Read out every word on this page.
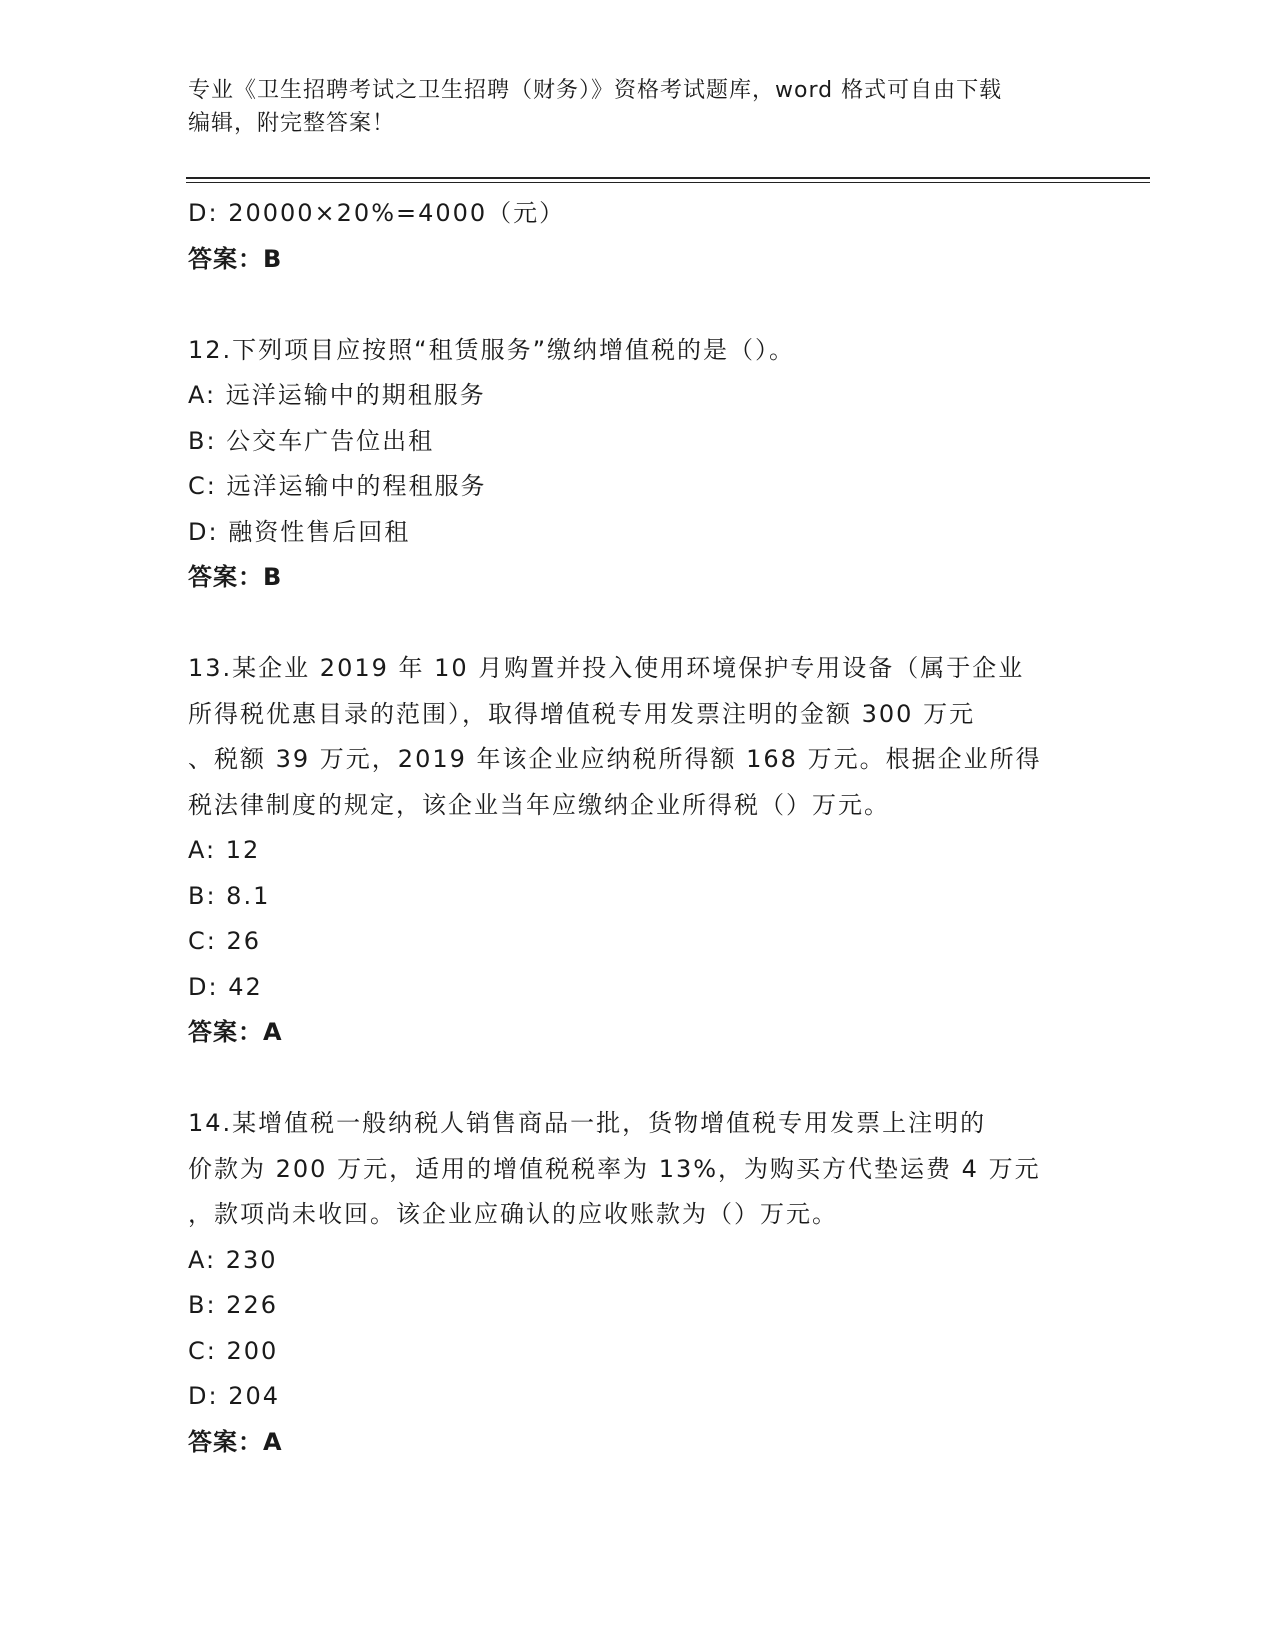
专业《卫生招聘考试之卫生招聘（财务）》资格考试题库，word 格式可自由下载
编辑，附完整答案！
D: 20000×20%=4000（元）
答案：B
12.下列项目应按照“租赁服务”缴纳增值税的是（）。
A: 远洋运输中的期租服务
B: 公交车广告位出租
C: 远洋运输中的程租服务
D: 融资性售后回租
答案：B
13.某企业 2019 年 10 月购置并投入使用环境保护专用设备（属于企业
所得税优惠目录的范围），取得增值税专用发票注明的金额 300 万元
、税额 39 万元，2019 年该企业应纳税所得额 168 万元。根据企业所得
税法律制度的规定，该企业当年应缴纳企业所得税（）万元。
A: 12
B: 8.1
C: 26
D: 42
答案：A
14.某增值税一般纳税人销售商品一批，货物增值税专用发票上注明的
价款为 200 万元，适用的增值税税率为 13%，为购买方代垫运费 4 万元
，款项尚未收回。该企业应确认的应收账款为（）万元。
A: 230
B: 226
C: 200
D: 204
答案：A
